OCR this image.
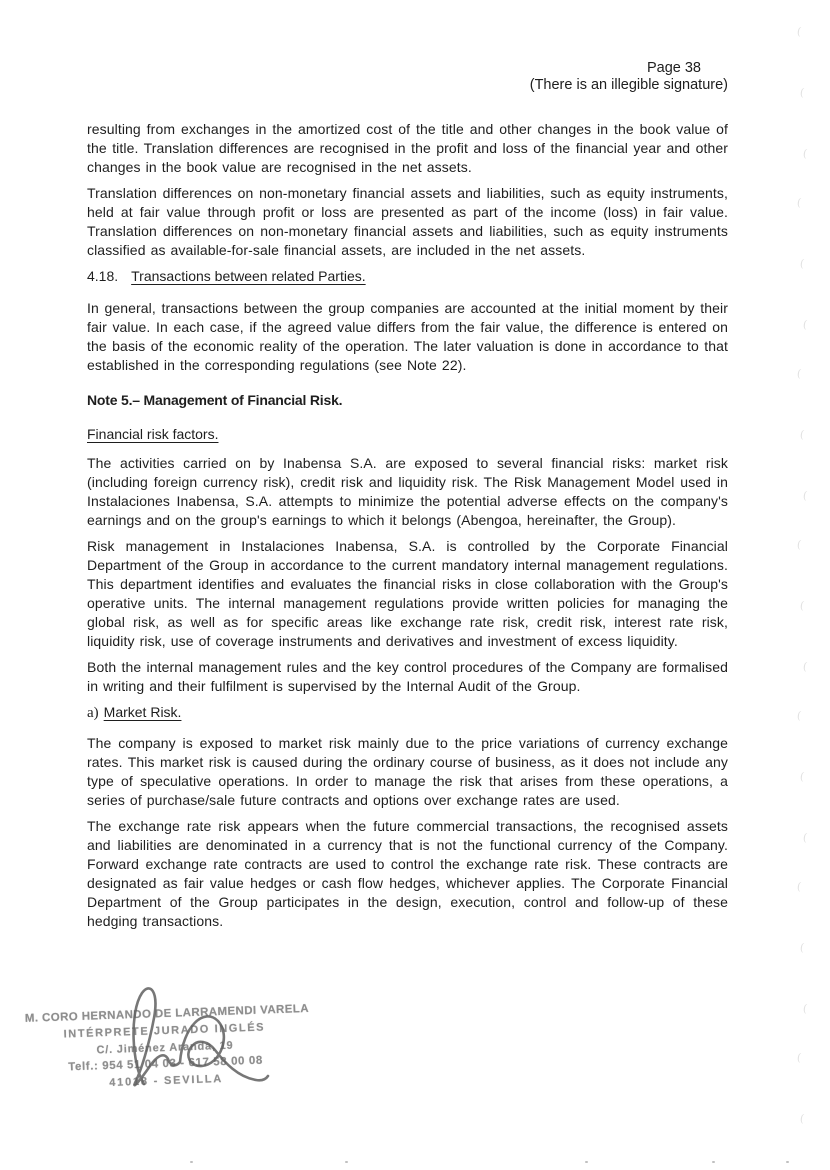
Page 38
(There is an illegible signature)

resulting from exchanges in the amortized cost of the title and other changes in the book value of the title. Translation differences are recognised in the profit and loss of the financial year and other changes in the book value are recognised in the net assets.

Translation differences on non-monetary financial assets and liabilities, such as equity instruments, held at fair value through profit or loss are presented as part of the income (loss) in fair value. Translation differences on non-monetary financial assets and liabilities, such as equity instruments classified as available-for-sale financial assets, are included in the net assets.

4.18. Transactions between related Parties.

In general, transactions between the group companies are accounted at the initial moment by their fair value. In each case, if the agreed value differs from the fair value, the difference is entered on the basis of the economic reality of the operation. The later valuation is done in accordance to that established in the corresponding regulations (see Note 22).

Note 5.– Management of Financial Risk.
Financial risk factors.

The activities carried on by Inabensa S.A. are exposed to several financial risks: market risk (including foreign currency risk), credit risk and liquidity risk. The Risk Management Model used in Instalaciones Inabensa, S.A. attempts to minimize the potential adverse effects on the company's earnings and on the group's earnings to which it belongs (Abengoa, hereinafter, the Group).

Risk management in Instalaciones Inabensa, S.A. is controlled by the Corporate Financial Department of the Group in accordance to the current mandatory internal management regulations. This department identifies and evaluates the financial risks in close collaboration with the Group's operative units. The internal management regulations provide written policies for managing the global risk, as well as for specific areas like exchange rate risk, credit risk, interest rate risk, liquidity risk, use of coverage instruments and derivatives and investment of excess liquidity.

Both the internal management rules and the key control procedures of the Company are formalised in writing and their fulfilment is supervised by the Internal Audit of the Group.

a) Market Risk.

The company is exposed to market risk mainly due to the price variations of currency exchange rates. This market risk is caused during the ordinary course of business, as it does not include any type of speculative operations. In order to manage the risk that arises from these operations, a series of purchase/sale future contracts and options over exchange rates are used.

The exchange rate risk appears when the future commercial transactions, the recognised assets and liabilities are denominated in a currency that is not the functional currency of the Company. Forward exchange rate contracts are used to control the exchange rate risk. These contracts are designated as fair value hedges or cash flow hedges, whichever applies. The Corporate Financial Department of the Group participates in the design, execution, control and follow-up of these hedging transactions.

M. CORO HERNANDO DE LARRAMENDI VARELA
INTÉRPRETE JURADO INGLÉS
C/. Jiménez Aranda, 19
Telf.: 954 51 04 03 - 617 58 00 08
41018 - SEVILLA
(
(
(
(
(
(
(
(
(
(
(
(
(
(
(
(
(
(
(
(
